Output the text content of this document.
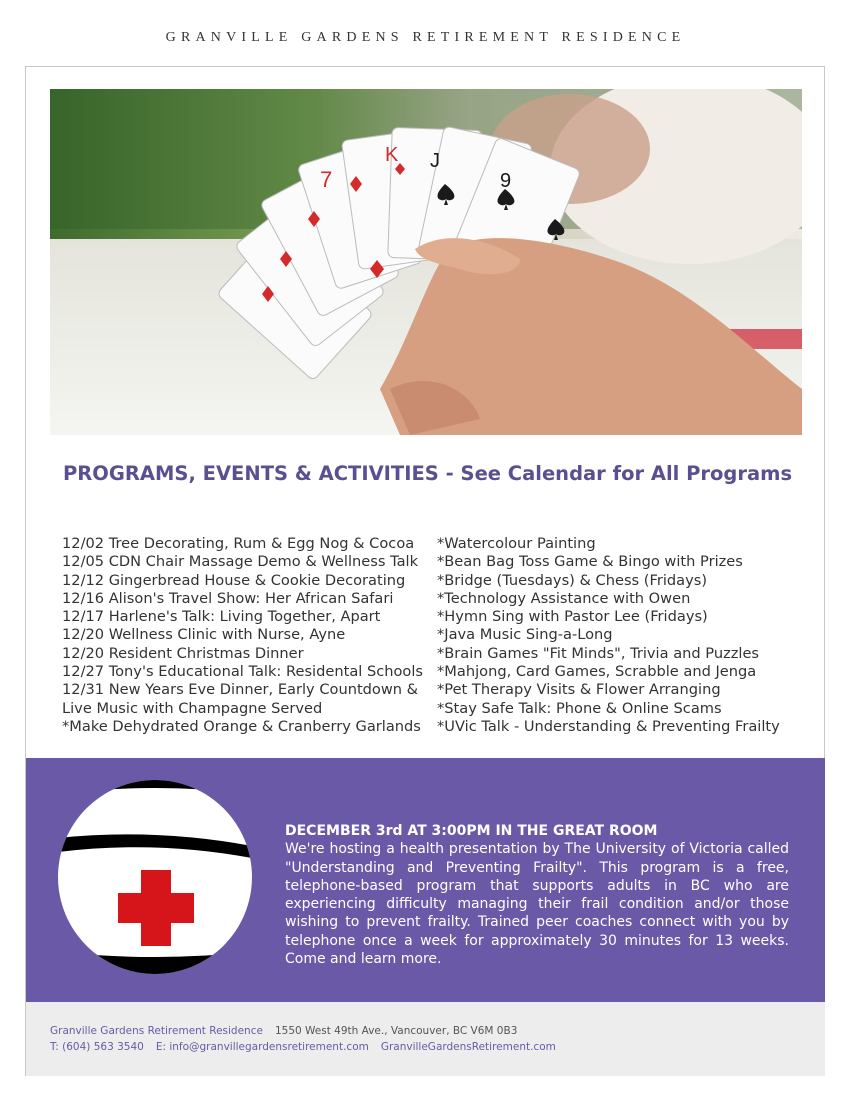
GRANVILLE GARDENS RETIREMENT RESIDENCE
7
K J
9
PROGRAMS, EVENTS & ACTIVITIES - See Calendar for All Programs
12/02 Tree Decorating, Rum & Egg Nog & Cocoa
12/05 CDN Chair Massage Demo & Wellness Talk
12/12 Gingerbread House & Cookie Decorating
12/16 Alison's Travel Show: Her African Safari
12/17 Harlene's Talk: Living Together, Apart
12/20 Wellness Clinic with Nurse, Ayne
12/20 Resident Christmas Dinner
12/27 Tony's Educational Talk: Residental Schools
12/31 New Years Eve Dinner, Early Countdown &
Live Music with Champagne Served
*Make Dehydrated Orange & Cranberry Garlands
*Watercolour Painting
*Bean Bag Toss Game & Bingo with Prizes
*Bridge (Tuesdays) & Chess (Fridays)
*Technology Assistance with Owen
*Hymn Sing with Pastor Lee (Fridays)
*Java Music Sing-a-Long
*Brain Games "Fit Minds", Trivia and Puzzles
*Mahjong, Card Games, Scrabble and Jenga
*Pet Therapy Visits & Flower Arranging
*Stay Safe Talk: Phone & Online Scams
*UVic Talk - Understanding & Preventing Frailty
DECEMBER 3rd AT 3:00PM IN THE GREAT ROOM
We're hosting a health presentation by The University of Victoria called "Understanding and Preventing Frailty". This program is a free, telephone-based program that supports adults in BC who are experiencing difficulty managing their frail condition and/or those wishing to prevent frailty. Trained peer coaches connect with you by telephone once a week for approximately 30 minutes for 13 weeks. Come and learn more.
Granville Gardens Retirement Residence 1550 West 49th Ave., Vancouver, BC V6M 0B3
T: (604) 563 3540 E: info@granvillegardensretirement.com GranvilleGardensRetirement.com
